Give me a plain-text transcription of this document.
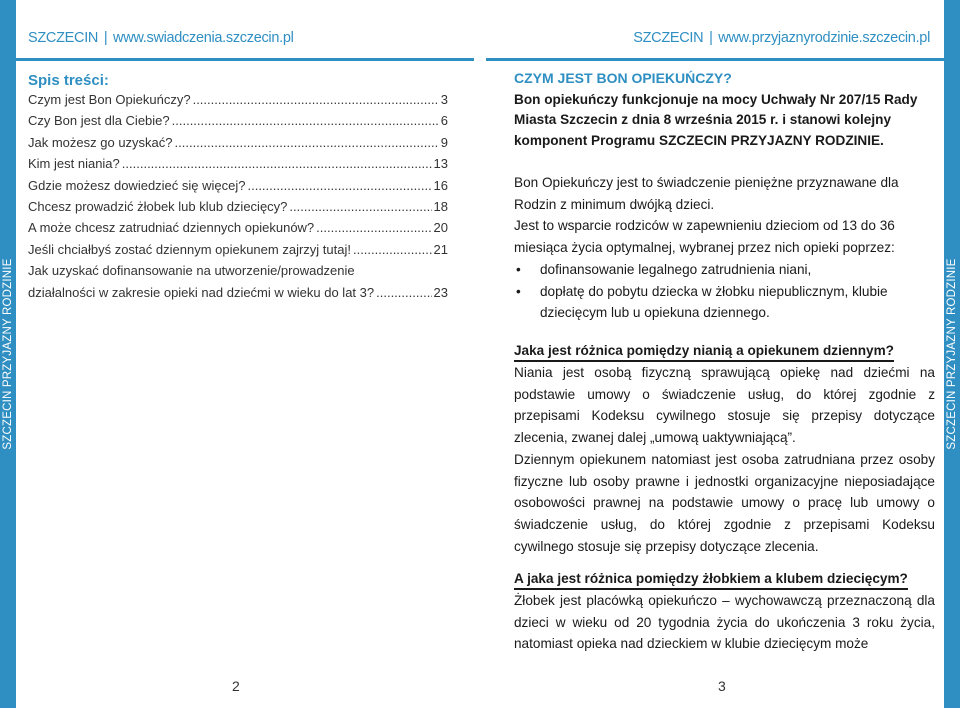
SZCZECIN | www.swiadczenia.szczecin.pl	SZCZECIN | www.przyjaznyrodzinie.szczecin.pl
SZCZECIN PRZYJAZNY RODZINIE	SZCZECIN PRZYJAZNY RODZINIE
Spis treści:
Czym jest Bon Opiekuńczy? .....	3
Czy Bon jest dla Ciebie? .....	6
Jak możesz go uzyskać? .....	9
Kim jest niania? .....	13
Gdzie możesz dowiedzieć się więcej? .....	16
Chcesz prowadzić żłobek lub klub dziecięcy? .....	18
A może chcesz zatrudniać dziennych opiekunów? .....	20
Jeśli chciałbyś zostać dziennym opiekunem zajrzyj tutaj! .....	21
Jak uzyskać dofinansowanie na utworzenie/prowadzenie
działalności w zakresie opieki nad dziećmi w wieku do lat 3? .....	23
2	3
CZYM JEST BON OPIEKUŃCZY?
Bon opiekuńczy funkcjonuje na mocy Uchwały Nr 207/15 Rady Miasta Szczecin z dnia 8 września 2015 r. i stanowi kolejny komponent Programu SZCZECIN PRZYJAZNY RODZINIE.
Bon Opiekuńczy jest to świadczenie pieniężne przyznawane dla Rodzin z minimum dwójką dzieci.
Jest to wsparcie rodziców w zapewnieniu dzieciom od 13 do 36 miesiąca życia optymalnej, wybranej przez nich opieki poprzez:
• dofinansowanie legalnego zatrudnienia niani,
• dopłatę do pobytu dziecka w żłobku niepublicznym, klubie dziecięcym lub u opiekuna dziennego.
Jaka jest różnica pomiędzy nianią a opiekunem dziennym?
Niania jest osobą fizyczną sprawującą opiekę nad dziećmi na podstawie umowy o świadczenie usług, do której zgodnie z przepisami Kodeksu cywilnego stosuje się przepisy dotyczące zlecenia, zwanej dalej „umową uaktywniającą”.
Dziennym opiekunem natomiast jest osoba zatrudniana przez osoby fizyczne lub osoby prawne i jednostki organizacyjne nieposiadające osobowości prawnej na podstawie umowy o pracę lub umowy o świadczenie usług, do której zgodnie z przepisami Kodeksu cywilnego stosuje się przepisy dotyczące zlecenia.
A jaka jest różnica pomiędzy żłobkiem a klubem dziecięcym?
Żłobek jest placówką opiekuńczo – wychowawczą przeznaczoną dla dzieci w wieku od 20 tygodnia życia do ukończenia 3 roku życia, natomiast opieka nad dzieckiem w klubie dziecięcym może
